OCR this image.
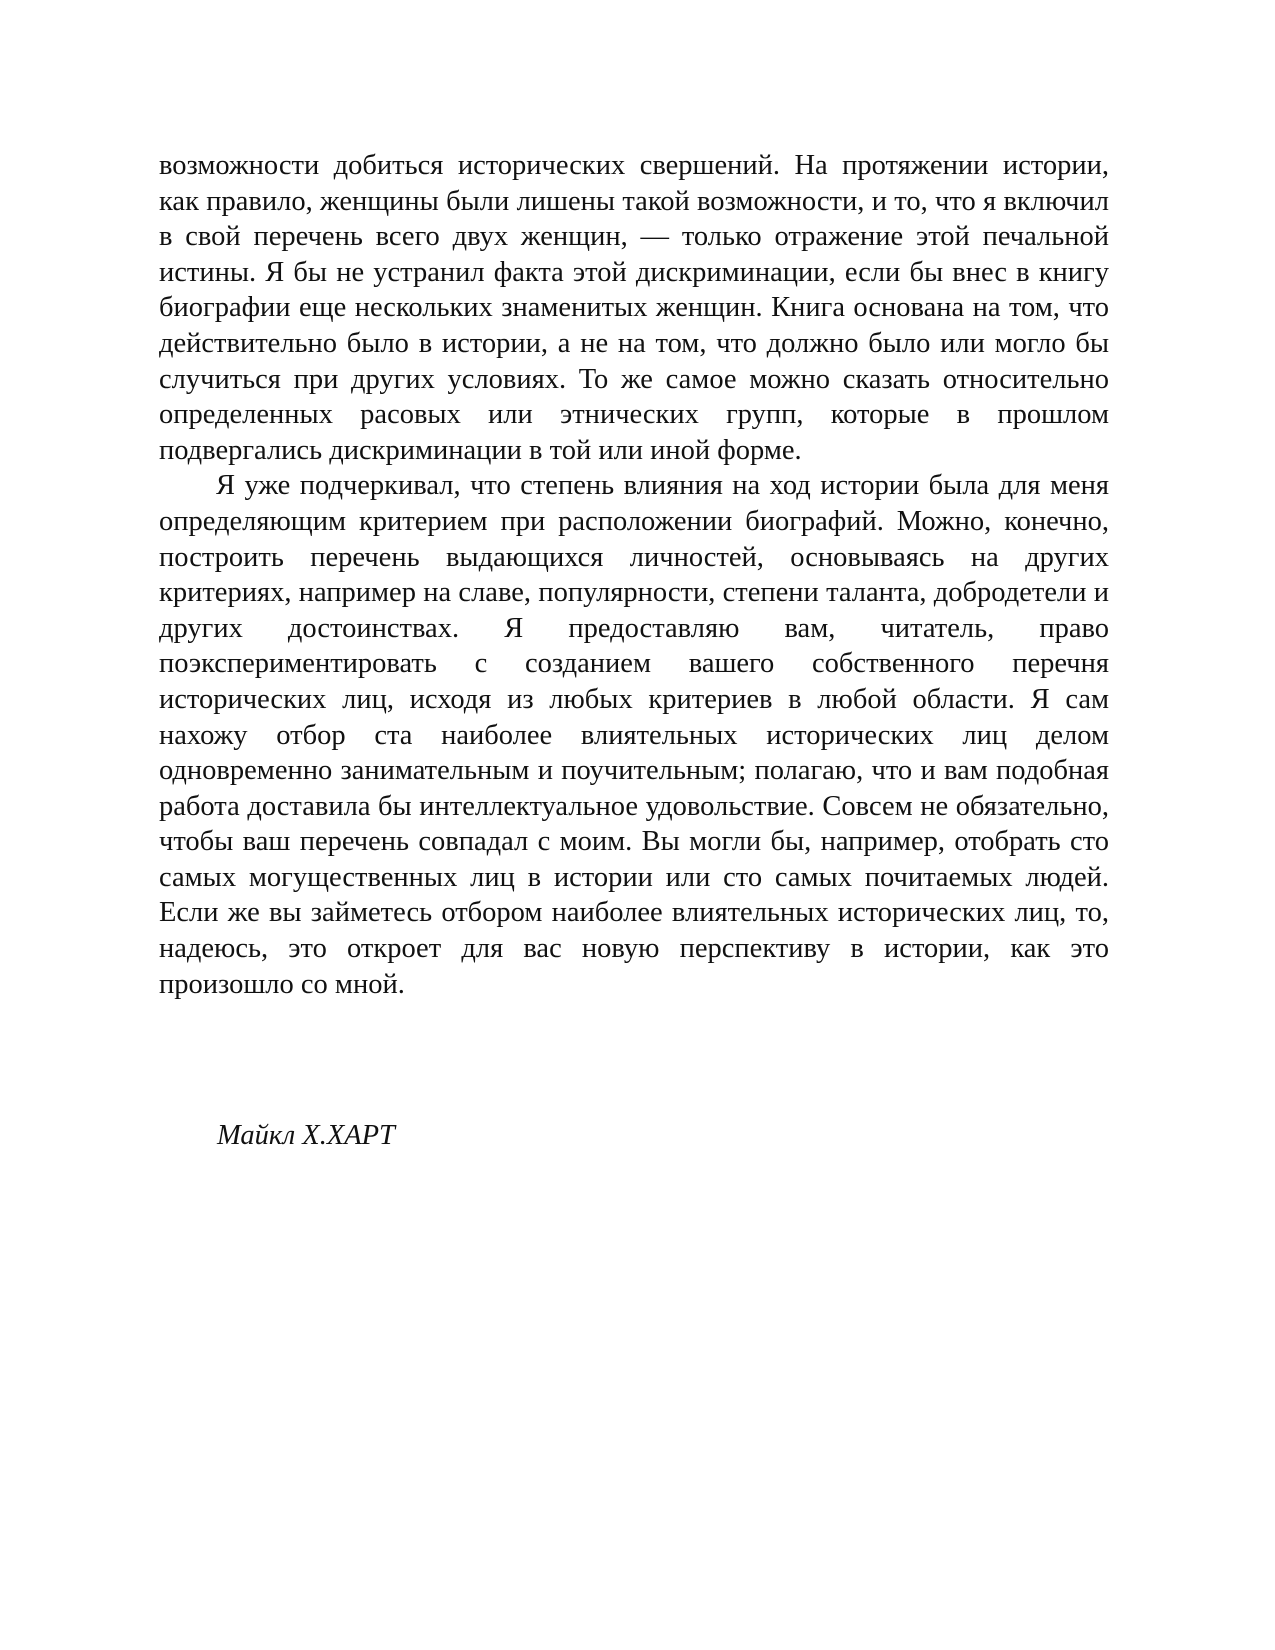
возможности добиться исторических свершений. На протяжении истории, как правило, женщины были лишены такой возможности, и то, что я включил в свой перечень всего двух женщин, — только отражение этой печальной истины. Я бы не устранил факта этой дискриминации, если бы внес в книгу биографии еще нескольких знаменитых женщин. Книга основана на том, что действительно было в истории, а не на том, что должно было или могло бы случиться при других условиях. То же самое можно сказать относительно определенных расовых или этнических групп, которые в прошлом подвергались дискриминации в той или иной форме.

Я уже подчеркивал, что степень влияния на ход истории была для меня определяющим критерием при расположении биографий. Можно, конечно, построить перечень выдающихся личностей, основываясь на других критериях, например на славе, популярности, степени таланта, добродетели и других достоинствах. Я предоставляю вам, читатель, право поэкспериментировать с созданием вашего собственного перечня исторических лиц, исходя из любых критериев в любой области. Я сам нахожу отбор ста наиболее влиятельных исторических лиц делом одновременно занимательным и поучительным; полагаю, что и вам подобная работа доставила бы интеллектуальное удовольствие. Совсем не обязательно, чтобы ваш перечень совпадал с моим. Вы могли бы, например, отобрать сто самых могущественных лиц в истории или сто самых почитаемых людей. Если же вы займетесь отбором наиболее влиятельных исторических лиц, то, надеюсь, это откроет для вас новую перспективу в истории, как это произошло со мной.

Майкл Х.ХАРТ
